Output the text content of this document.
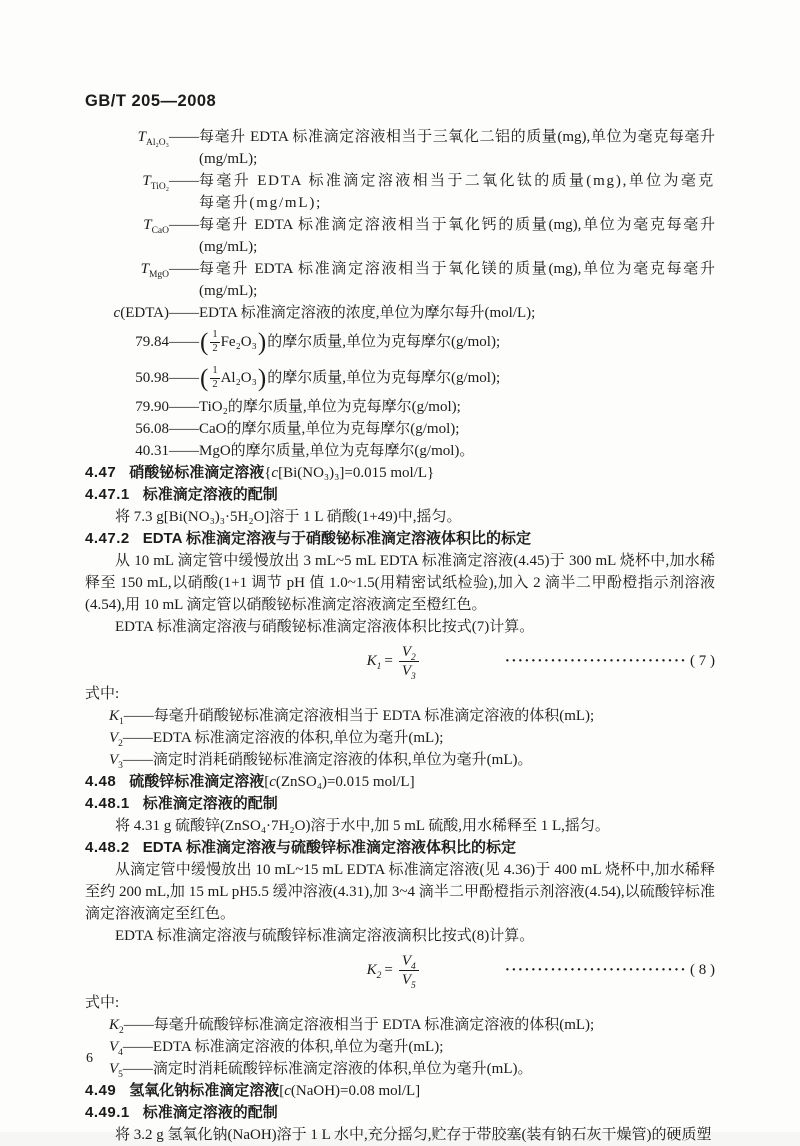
GB/T 205—2008
$T_{Al_2O_3}$ —— 每毫升 EDTA 标准滴定溶液相当于三氧化二铝的质量(mg),单位为毫克每毫升(mg/mL);
$T_{TiO_2}$ —— 每毫升 EDTA 标准滴定溶液相当于二氧化钛的质量(mg),单位为毫克每毫升(mg/mL);
$T_{CaO}$ —— 每毫升 EDTA 标准滴定溶液相当于氧化钙的质量(mg),单位为毫克每毫升(mg/mL);
$T_{MgO}$ —— 每毫升 EDTA 标准滴定溶液相当于氧化镁的质量(mg),单位为毫克每毫升(mg/mL);
c(EDTA) —— EDTA 标准滴定溶液的浓度,单位为摩尔每升(mol/L);
79.84 —— ( $\frac{1}{2} Fe_2O_3$ ) 的摩尔质量,单位为克每摩尔(g/mol);
50.98 —— ( $\frac{1}{2} Al_2O_3$ ) 的摩尔质量,单位为克每摩尔(g/mol);
79.90 —— TiO₂ 的摩尔质量,单位为克每摩尔(g/mol);
56.08 —— CaO 的摩尔质量,单位为克每摩尔(g/mol);
40.31 —— MgO 的摩尔质量,单位为克每摩尔(g/mol)。
4.47 硝酸铋标准滴定溶液{c[Bi(NO₃)₃]=0.015 mol/L}
4.47.1 标准滴定溶液的配制
将 7.3 g[Bi(NO₃)₃·5H₂O]溶于 1 L 硝酸(1+49)中,摇匀。
4.47.2 EDTA 标准滴定溶液与于硝酸铋标准滴定溶液体积比的标定
从 10 mL 滴定管中缓慢放出 3 mL~5 mL EDTA 标准滴定溶液(4.45)于 300 mL 烧杯中,加水稀释至 150 mL,以硝酸(1+1 调节 pH 值 1.0~1.5(用精密试纸检验),加入 2 滴半二甲酚橙指示剂溶液(4.54),用 10 mL 滴定管以硝酸铋标准滴定溶液滴定至橙红色。
EDTA 标准滴定溶液与硝酸铋标准滴定溶液体积比按式(7)计算。
$K_1 = \frac{V_2}{V_3}$	···························· ( 7 )
式中:
$K_1——$每毫升硝酸铋标准滴定溶液相当于 EDTA 标准滴定溶液的体积(mL);
$V_2——EDTA$ 标准滴定溶液的体积,单位为毫升(mL);
$V_3——$滴定时消耗硝酸铋标准滴定溶液的体积,单位为毫升(mL)。
4.48 硫酸锌标准滴定溶液[c(ZnSO₄)=0.015 mol/L]
4.48.1 标准滴定溶液的配制
将 4.31 g 硫酸锌(ZnSO₄·7H₂O)溶于水中,加 5 mL 硫酸,用水稀释至 1 L,摇匀。
4.48.2 EDTA 标准滴定溶液与硫酸锌标准滴定溶液体积比的标定
从滴定管中缓慢放出 10 mL~15 mL EDTA 标准滴定溶液(见 4.36)于 400 mL 烧杯中,加水稀释至约 200 mL,加 15 mL pH5.5 缓冲溶液(4.31),加 3~4 滴半二甲酚橙指示剂溶液(4.54),以硫酸锌标准滴定溶液滴定至红色。
EDTA 标准滴定溶液与硫酸锌标准滴定溶液滴积比按式(8)计算。
$K_2 = \frac{V_4}{V_5}$	···························· ( 8 )
式中:
$K_2——$每毫升硫酸锌标准滴定溶液相当于 EDTA 标准滴定溶液的体积(mL);
$V_4——EDTA$ 标准滴定溶液的体积,单位为毫升(mL);
$V_5——$滴定时消耗硫酸锌标准滴定溶液的体积,单位为毫升(mL)。
4.49 氢氧化钠标准滴定溶液[c(NaOH)=0.08 mol/L]
4.49.1 标准滴定溶液的配制
将 3.2 g 氢氧化钠(NaOH)溶于 1 L 水中,充分摇匀,贮存于带胶塞(装有钠石灰干燥管)的硬质塑
6
